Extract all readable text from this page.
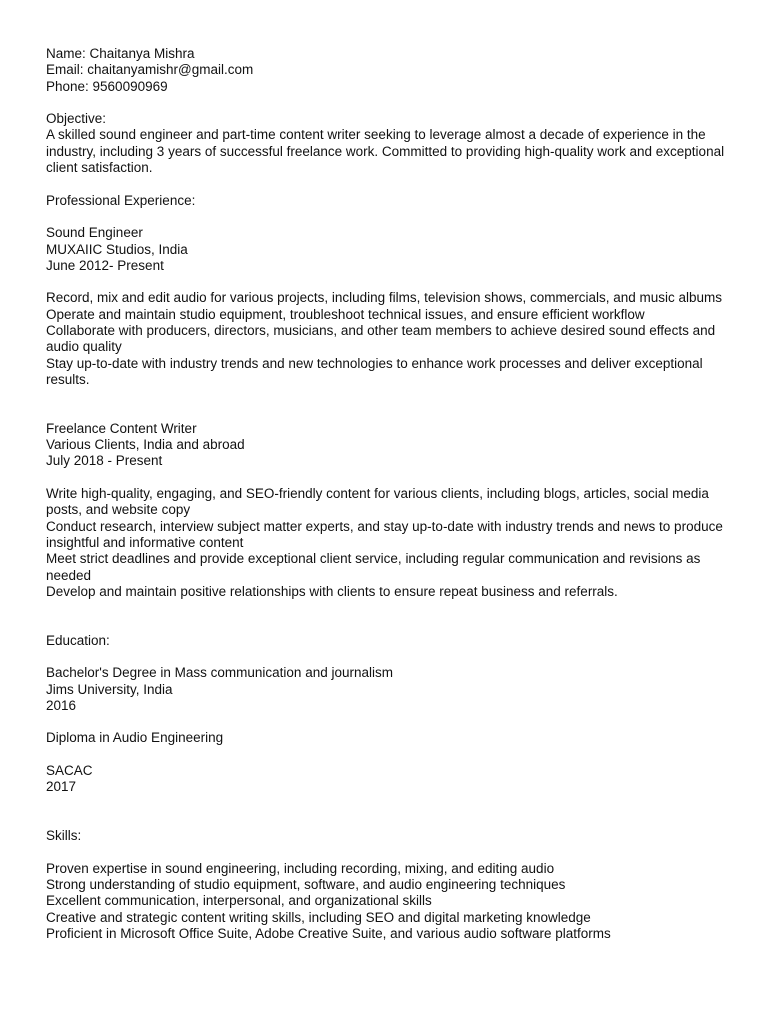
Name: Chaitanya Mishra
Email: chaitanyamishr@gmail.com
Phone: 9560090969
Objective:
A skilled sound engineer and part-time content writer seeking to leverage almost a decade of experience in the industry, including 3 years of successful freelance work. Committed to providing high-quality work and exceptional client satisfaction.
Professional Experience:
Sound Engineer
MUXAIIC Studios, India
June 2012- Present
Record, mix and edit audio for various projects, including films, television shows, commercials, and music albums
Operate and maintain studio equipment, troubleshoot technical issues, and ensure efficient workflow
Collaborate with producers, directors, musicians, and other team members to achieve desired sound effects and audio quality
Stay up-to-date with industry trends and new technologies to enhance work processes and deliver exceptional results.
Freelance Content Writer
Various Clients, India and abroad
July 2018 - Present
Write high-quality, engaging, and SEO-friendly content for various clients, including blogs, articles, social media posts, and website copy
Conduct research, interview subject matter experts, and stay up-to-date with industry trends and news to produce insightful and informative content
Meet strict deadlines and provide exceptional client service, including regular communication and revisions as needed
Develop and maintain positive relationships with clients to ensure repeat business and referrals.
Education:
Bachelor's Degree in Mass communication and journalism
Jims University, India
2016
Diploma in Audio Engineering
SACAC
2017
Skills:
Proven expertise in sound engineering, including recording, mixing, and editing audio
Strong understanding of studio equipment, software, and audio engineering techniques
Excellent communication, interpersonal, and organizational skills
Creative and strategic content writing skills, including SEO and digital marketing knowledge
Proficient in Microsoft Office Suite, Adobe Creative Suite, and various audio software platforms
